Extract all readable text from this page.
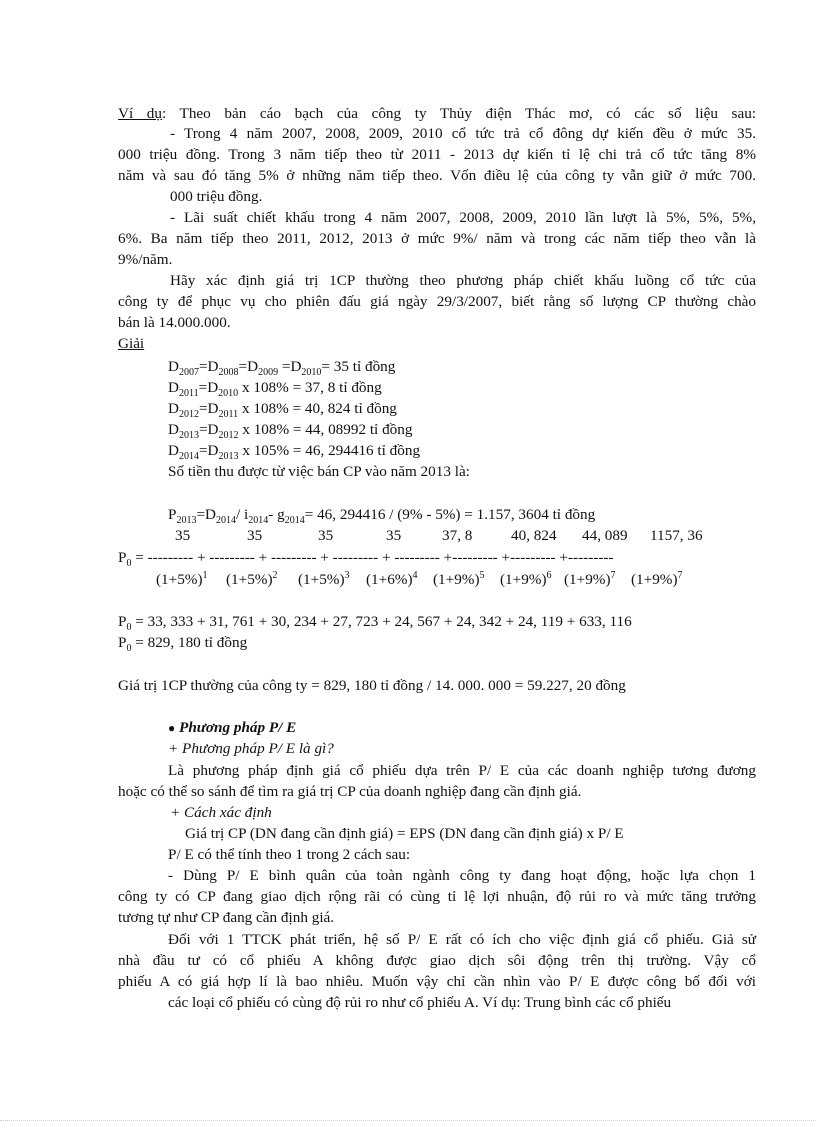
Ví dụ: Theo bản cáo bạch của công ty Thủy điện Thác mơ, có các số liệu sau:
- Trong 4 năm 2007, 2008, 2009, 2010 cổ tức trả cổ đông dự kiến đều ở mức 35.
000 triệu đồng. Trong 3 năm tiếp theo từ 2011 - 2013 dự kiến tỉ lệ chi trả cổ tức tăng 8%
năm và sau đó tăng 5% ở những năm tiếp theo. Vốn điều lệ của công ty vẫn giữ ở mức 700.
000 triệu đồng.
- Lãi suất chiết khấu trong 4 năm 2007, 2008, 2009, 2010 lần lượt là 5%, 5%, 5%,
6%. Ba năm tiếp theo 2011, 2012, 2013 ở mức 9%/ năm và trong các năm tiếp theo vẫn là
9%/năm.
Hãy xác định giá trị 1CP thường theo phương pháp chiết khấu luồng cổ tức của
công ty để phục vụ cho phiên đấu giá ngày 29/3/2007, biết rằng số lượng CP thường chào
bán là 14.000.000.
Giải
$D_{2007}=D_{2008}=D_{2009} =D_{2010}= 35$ tỉ đồng
$D_{2011}=D_{2010}$ x 108% = 37, 8 tỉ đồng
$D_{2012}=D_{2011}$ x 108% = 40, 824 tỉ đồng
$D_{2013}=D_{2012}$ x 108% = 44, 08992 tỉ đồng
$D_{2014}=D_{2013}$ x 105% = 46, 294416 tỉ đồng
Số tiền thu được từ việc bán CP vào năm 2013 là:
$P_{2013}=D_{2014}/$ $i_{2014}-$ $g_{2014}= 46$, 294416 / (9% - 5%) = 1.157, 3604 tỉ đồng
35	35	35	35	37, 8	40, 824 44, 089 1157, 36
$P_0$ = --------- + --------- + --------- + --------- + --------- +--------- +--------- +---------
$(1+5\%)^1$ $(1+5\%)^2$ $(1+5\%)^3$ $(1+6\%)^4$ $(1+9\%)^5$ $(1+9\%)^6$ $(1+9\%)^7$ $(1+9\%)^7$
$P_0 = 33$, 333 + 31, 761 + 30, 234 + 27, 723 + 24, 567 + 24, 342 + 24, 119 + 633, 116
$P_0 = 829$, 180 tỉ đồng
Giá trị 1CP thường của công ty = 829, 180 tỉ đồng / 14. 000. 000 = 59.227, 20 đồng
● Phương pháp P/ E
+ Phương pháp P/ E là gì?
Là phương pháp định giá cổ phiếu dựa trên P/ E của các doanh nghiệp tương đương
hoặc có thể so sánh để tìm ra giá trị CP của doanh nghiệp đang cần định giá.
+ Cách xác định
Giá trị CP (DN đang cần định giá) = EPS (DN đang cần định giá) x P/ E
P/ E có thể tính theo 1 trong 2 cách sau:
- Dùng P/ E bình quân của toàn ngành công ty đang hoạt động, hoặc lựa chọn 1
công ty có CP đang giao dịch rộng rãi có cùng tỉ lệ lợi nhuận, độ rủi ro và mức tăng trưởng
tương tự như CP đang cần định giá.
Đối với 1 TTCK phát triển, hệ số P/ E rất có ích cho việc định giá cổ phiếu. Giả sử
nhà đầu tư có cổ phiếu A không được giao dịch sôi động trên thị trường. Vậy cổ
phiếu A có giá hợp lí là bao nhiêu. Muốn vậy chỉ cần nhìn vào P/ E được công bố đối với
các loại cổ phiếu có cùng độ rủi ro như cổ phiếu A. Ví dụ: Trung bình các cổ phiếu
